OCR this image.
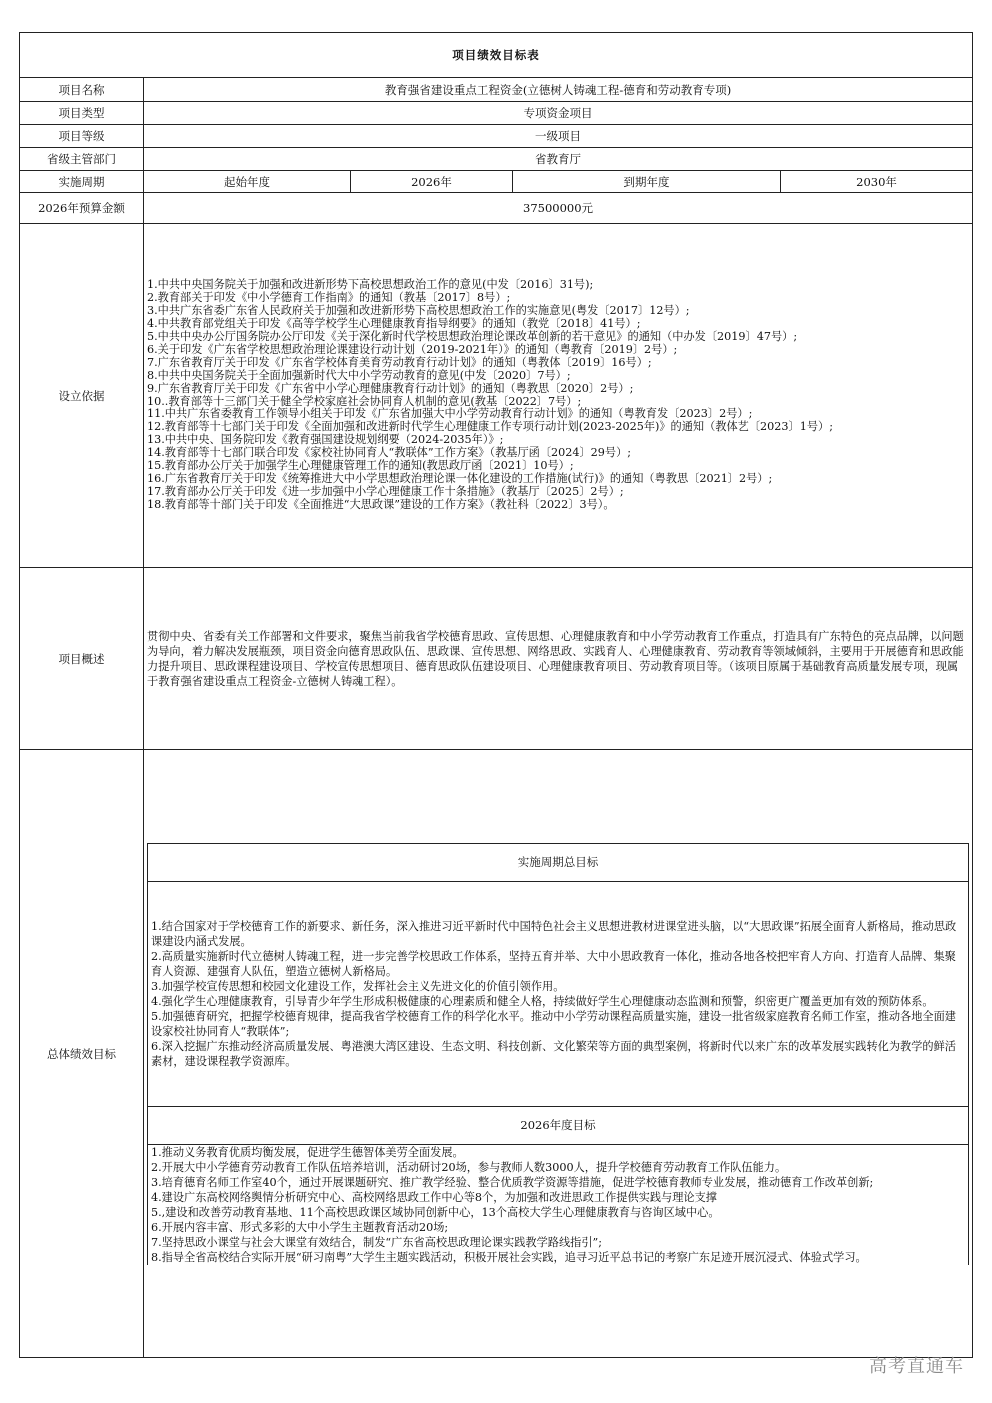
项目绩效目标表
项目名称	教育强省建设重点工程资金(立德树人铸魂工程-德育和劳动教育专项)
项目类型	专项资金项目
项目等级	一级项目
省级主管部门	省教育厅
实施周期	起始年度	2026年	到期年度	2030年
2026年预算金额	37500000元
设立依据	
1.中共中央国务院关于加强和改进新形势下高校思想政治工作的意见(中发〔2016〕31号);
2.教育部关于印发《中小学德育工作指南》的通知（教基〔2017〕8号）;
3.中共广东省委广东省人民政府关于加强和改进新形势下高校思想政治工作的实施意见(粤发〔2017〕12号）;
4.中共教育部党组关于印发《高等学校学生心理健康教育指导纲要》的通知（教党〔2018〕41号）;
5.中共中央办公厅国务院办公厅印发《关于深化新时代学校思想政治理论课改革创新的若干意见》的通知（中办发〔2019〕47号）;
6.关于印发《广东省学校思想政治理论课建设行动计划（2019-2021年）》的通知（粤教育〔2019〕2号）;
7.广东省教育厅关于印发《广东省学校体育美育劳动教育行动计划》的通知（粤教体〔2019〕16号）;
8.中共中央国务院关于全面加强新时代大中小学劳动教育的意见(中发〔2020〕7号）;
9.广东省教育厅关于印发《广东省中小学心理健康教育行动计划》的通知（粤教思〔2020〕2号）;
10..教育部等十三部门关于健全学校家庭社会协同育人机制的意见(教基〔2022〕7号）;
11.中共广东省委教育工作领导小组关于印发《广东省加强大中小学劳动教育行动计划》的通知（粤教育发〔2023〕2号）;
12.教育部等十七部门关于印发《全面加强和改进新时代学生心理健康工作专项行动计划(2023-2025年)》的通知（教体艺〔2023〕1号）;
13.中共中央、国务院印发《教育强国建设规划纲要（2024-2035年）》;
14.教育部等十七部门联合印发《家校社协同育人“教联体”工作方案》（教基厅函〔2024〕29号）;
15.教育部办公厅关于加强学生心理健康管理工作的通知(教思政厅函〔2021〕10号）;
16.广东省教育厅关于印发《统筹推进大中小学思想政治理论课一体化建设的工作措施(试行)》的通知（粤教思〔2021〕2号）;
17.教育部办公厅关于印发《进一步加强中小学心理健康工作十条措施》（教基厅〔2025〕2号）;
18.教育部等十部门关于印发《全面推进“大思政课”建设的工作方案》（教社科〔2022〕3号）。

项目概述	
贯彻中央、省委有关工作部署和文件要求，聚焦当前我省学校德育思政、宣传思想、心理健康教育和中小学劳动教育工作重点，打造具有广东特色的亮点品牌，以问题为导向，着力解决发展瓶颈，项目资金向德育思政队伍、思政课、宣传思想、网络思政、实践育人、心理健康教育、劳动教育等领域倾斜，主要用于开展德育和思政能力提升项目、思政课程建设项目、学校宣传思想项目、德育思政队伍建设项目、心理健康教育项目、劳动教育项目等。（该项目原属于基础教育高质量发展专项，现属于教育强省建设重点工程资金-立德树人铸魂工程）。

总体绩效目标	
实施周期总目标

1.结合国家对于学校德育工作的新要求、新任务，深入推进习近平新时代中国特色社会主义思想进教材进课堂进头脑，以“大思政课”拓展全面育人新格局，推动思政课建设内涵式发展。
2.高质量实施新时代立德树人铸魂工程，进一步完善学校思政工作体系，坚持五育并举、大中小思政教育一体化，推动各地各校把牢育人方向、打造育人品牌、集聚育人资源、建强育人队伍，塑造立德树人新格局。
3.加强学校宣传思想和校园文化建设工作，发挥社会主义先进文化的价值引领作用。
4.强化学生心理健康教育，引导青少年学生形成积极健康的心理素质和健全人格，持续做好学生心理健康动态监测和预警，织密更广覆盖更加有效的预防体系。
5.加强德育研究，把握学校德育规律，提高我省学校德育工作的科学化水平。推动中小学劳动课程高质量实施，建设一批省级家庭教育名师工作室，推动各地全面建设家校社协同育人“教联体”;
6.深入挖掘广东推动经济高质量发展、粤港澳大湾区建设、生态文明、科技创新、文化繁荣等方面的典型案例，将新时代以来广东的改革发展实践转化为教学的鲜活素材，建设课程教学资源库。

2026年度目标

1.推动义务教育优质均衡发展，促进学生德智体美劳全面发展。
2.开展大中小学德育劳动教育工作队伍培养培训，活动研讨20场，参与教师人数3000人，提升学校德育劳动教育工作队伍能力。
3.培育德育名师工作室40个，通过开展课题研究、推广教学经验、整合优质教学资源等措施，促进学校德育教师专业发展，推动德育工作改革创新;
4.建设广东高校网络舆情分析研究中心、高校网络思政工作中心等8个，为加强和改进思政工作提供实践与理论支撑
5.,建设和改善劳动教育基地、11个高校思政课区域协同创新中心，13个高校大学生心理健康教育与咨询区域中心。
6.开展内容丰富、形式多彩的大中小学生主题教育活动20场;
7.坚持思政小课堂与社会大课堂有效结合，制发“广东省高校思政理论课实践教学路线指引”;
8.指导全省高校结合实际开展“研习南粤”大学生主题实践活动，积极开展社会实践，追寻习近平总书记的考察广东足迹开展沉浸式、体验式学习。
高考直通车
